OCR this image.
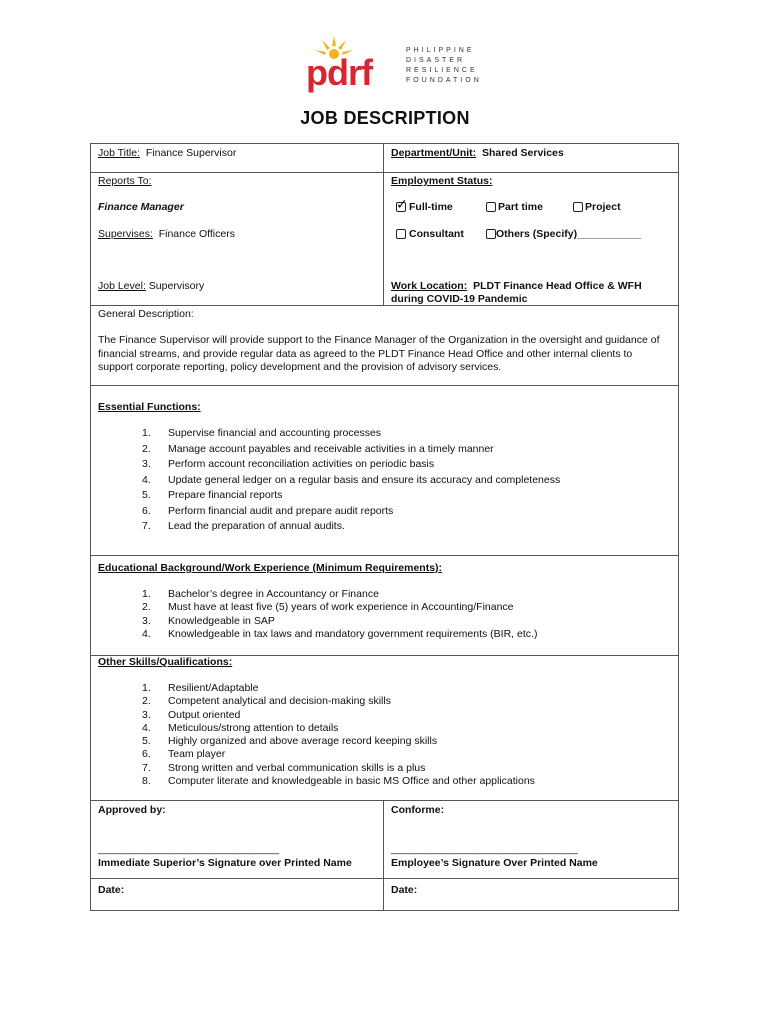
pdrf
PHILIPPINE
DISASTER
RESILIENCE
FOUNDATION
JOB DESCRIPTION
Job Title: Finance Supervisor	Department/Unit: Shared Services
Reports To:	Employment Status:
Finance Manager	✓ Full-time	Part time	Project
Supervises: Finance Officers	Consultant	Others (Specify)___________
Job Level: Supervisory	Work Location: PLDT Finance Head Office & WFH
during COVID-19 Pandemic
General Description:
The Finance Supervisor will provide support to the Finance Manager of the Organization in the oversight and guidance of financial streams, and provide regular data as agreed to the PLDT Finance Head Office and other internal clients to support corporate reporting, policy development and the provision of advisory services.
Essential Functions:
1. Supervise financial and accounting processes
2. Manage account payables and receivable activities in a timely manner
3. Perform account reconciliation activities on periodic basis
4. Update general ledger on a regular basis and ensure its accuracy and completeness
5. Prepare financial reports
6. Perform financial audit and prepare audit reports
7. Lead the preparation of annual audits.
Educational Background/Work Experience (Minimum Requirements):
1. Bachelor’s degree in Accountancy or Finance
2. Must have at least five (5) years of work experience in Accounting/Finance
3. Knowledgeable in SAP
4. Knowledgeable in tax laws and mandatory government requirements (BIR, etc.)
Other Skills/Qualifications:
1. Resilient/Adaptable
2. Competent analytical and decision-making skills
3. Output oriented
4. Meticulous/strong attention to details
5. Highly organized and above average record keeping skills
6. Team player
7. Strong written and verbal communication skills is a plus
8. Computer literate and knowledgeable in basic MS Office and other applications
Approved by:	Conforme:
_______________________________	________________________________
Immediate Superior’s Signature over Printed Name	Employee’s Signature Over Printed Name
Date:	Date:
